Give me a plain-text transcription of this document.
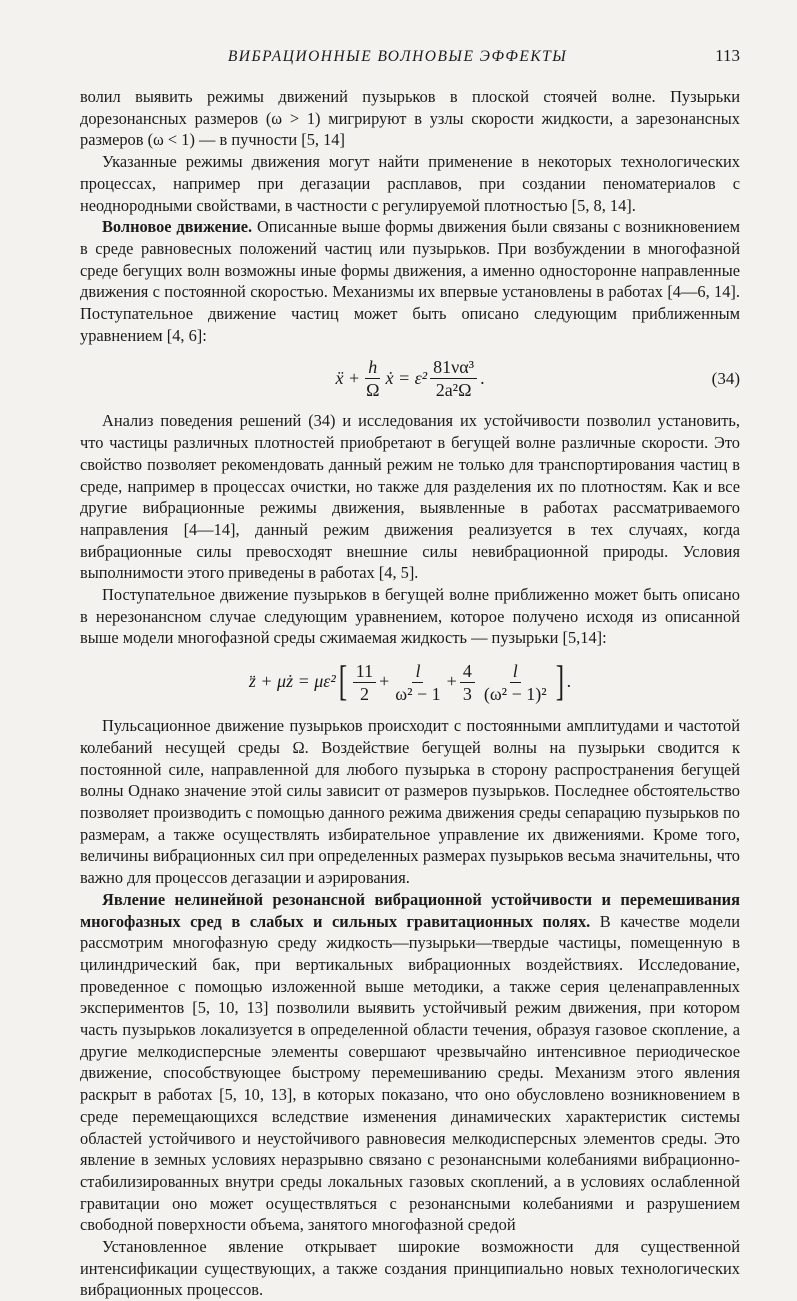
ВИБРАЦИОННЫЕ ВОЛНОВЫЕ ЭФФЕКТЫ	113

волил выявить режимы движений пузырьков в плоской стоячей волне. Пузырьки дорезонансных размеров (ω > 1) мигрируют в узлы скорости жидкости, а зарезонансных размеров (ω < 1) — в пучности [5, 14]

Указанные режимы движения могут найти применение в некоторых технологических процессах, например при дегазации расплавов, при создании пеноматериалов с неоднородными свойствами, в частности с регулируемой плотностью [5, 8, 14].

Волновое движение. Описанные выше формы движения были связаны с возникновением в среде равновесных положений частиц или пузырьков. При возбуждении в многофазной среде бегущих волн возможны иные формы движения, а именно односторонне направленные движения с постоянной скоростью. Механизмы их впервые установлены в работах [4—6, 14]. Поступательное движение частиц может быть описано следующим приближенным уравнением [4, 6]:

ẍ + $\frac{h}{\Omega}$ ẋ = $\varepsilon^2 \frac{\text{81να³}}{\text{2a²Ω}}$ .	(34)

Анализ поведения решений (34) и исследования их устойчивости позволил установить, что частицы различных плотностей приобретают в бегущей волне различные скорости. Это свойство позволяет рекомендовать данный режим не только для транспортирования частиц в среде, например в процессах очистки, но также для разделения их по плотностям. Как и все другие вибрационные режимы движения, выявленные в работах рассматриваемого направления [4—14], данный режим движения реализуется в тех случаях, когда вибрационные силы превосходят внешние силы невибрационной природы. Условия выполнимости этого приведены в работах [4, 5].

Поступательное движение пузырьков в бегущей волне приближенно может быть описано в нерезонансном случае следующим уравнением, которое получено исходя из описанной выше модели многофазной среды сжимаемая жидкость — пузырьки [5,14]:

z̈ + μż = με² [ $\frac{11}{2} + \frac{l}{\text{ω² − 1}} + \frac{4}{3} \frac{l}{\text{(ω² − 1)²}}$ ] .

Пульсационное движение пузырьков происходит с постоянными амплитудами и частотой колебаний несущей среды Ω. Воздействие бегущей волны на пузырьки сводится к постоянной силе, направленной для любого пузырька в сторону распространения бегущей волны Однако значение этой силы зависит от размеров пузырьков. Последнее обстоятельство позволяет производить с помощью данного режима движения среды сепарацию пузырьков по размерам, а также осуществлять избирательное управление их движениями. Кроме того, величины вибрационных сил при определенных размерах пузырьков весьма значительны, что важно для процессов дегазации и аэрирования.

Явление нелинейной резонансной вибрационной устойчивости и перемешивания многофазных сред в слабых и сильных гравитационных полях. В качестве модели рассмотрим многофазную среду жидкость—пузырьки—твердые частицы, помещенную в цилиндрический бак, при вертикальных вибрационных воздействиях. Исследование, проведенное с помощью изложенной выше методики, а также серия целенаправленных экспериментов [5, 10, 13] позволили выявить устойчивый режим движения, при котором часть пузырьков локализуется в определенной области течения, образуя газовое скопление, а другие мелкодисперсные элементы совершают чрезвычайно интенсивное периодическое движение, способствующее быстрому перемешиванию среды. Механизм этого явления раскрыт в работах [5, 10, 13], в которых показано, что оно обусловлено возникновением в среде перемещающихся вследствие изменения динамических характеристик системы областей устойчивого и неустойчивого равновесия мелкодисперсных элементов среды. Это явление в земных условиях неразрывно связано с резонансными колебаниями вибрационно-стабилизированных внутри среды локальных газовых скоплений, а в условиях ослабленной гравитации оно может осуществляться с резонансными колебаниями и разрушением свободной поверхности объема, занятого многофазной средой

Установленное явление открывает широкие возможности для существенной интенсификации существующих, а также создания принципиально новых технологических вибрационных процессов.
